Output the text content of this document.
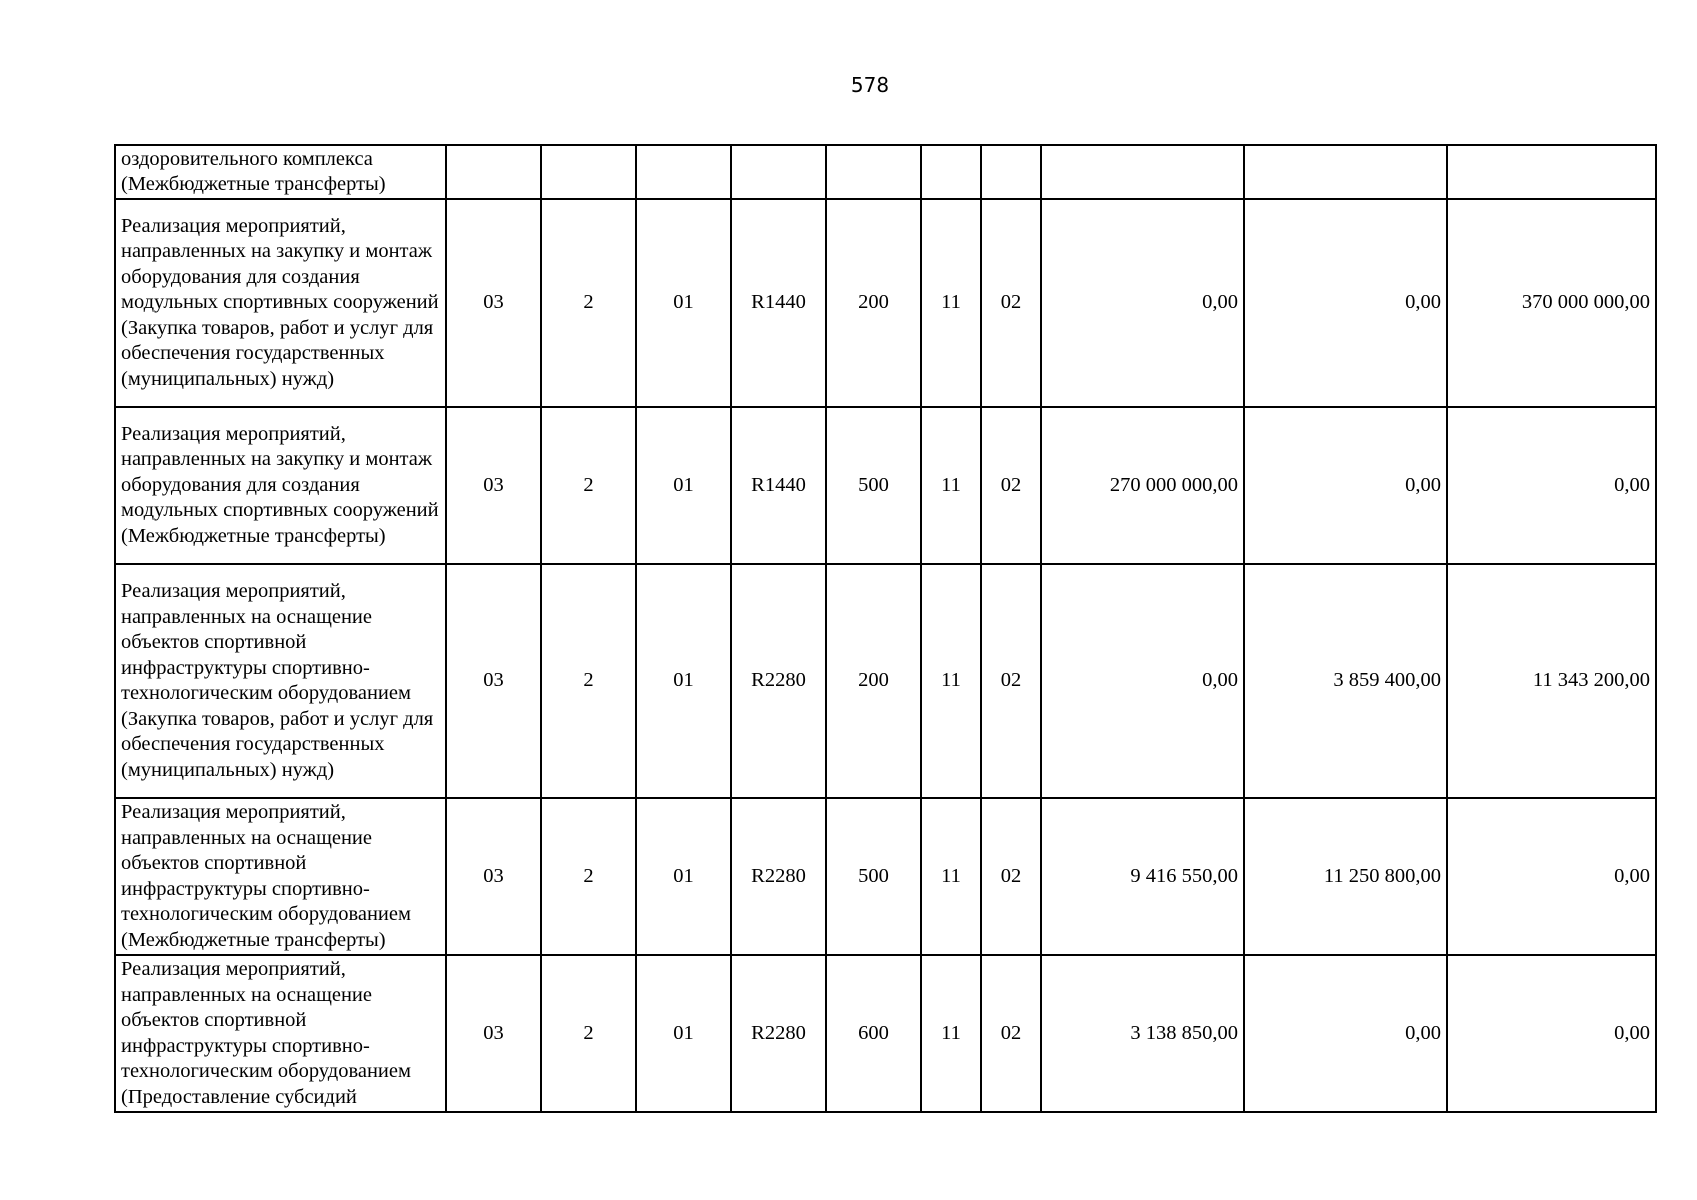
578
оздоровительного комплекса (Межбюджетные трансферты)										
Реализация мероприятий, направленных на закупку и монтаж оборудования для создания модульных спортивных сооружений (Закупка товаров, работ и услуг для обеспечения государственных (муниципальных) нужд)	03	2	01	R1440	200	11	02	0,00	0,00	370 000 000,00
Реализация мероприятий, направленных на закупку и монтаж оборудования для создания модульных спортивных сооружений (Межбюджетные трансферты)	03	2	01	R1440	500	11	02	270 000 000,00	0,00	0,00
Реализация мероприятий, направленных на оснащение объектов спортивной инфраструктуры спортивно-технологическим оборудованием (Закупка товаров, работ и услуг для обеспечения государственных (муниципальных) нужд)	03	2	01	R2280	200	11	02	0,00	3 859 400,00	11 343 200,00
Реализация мероприятий, направленных на оснащение объектов спортивной инфраструктуры спортивно-технологическим оборудованием (Межбюджетные трансферты)	03	2	01	R2280	500	11	02	9 416 550,00	11 250 800,00	0,00
Реализация мероприятий, направленных на оснащение объектов спортивной инфраструктуры спортивно-технологическим оборудованием (Предоставление субсидий	03	2	01	R2280	600	11	02	3 138 850,00	0,00	0,00
